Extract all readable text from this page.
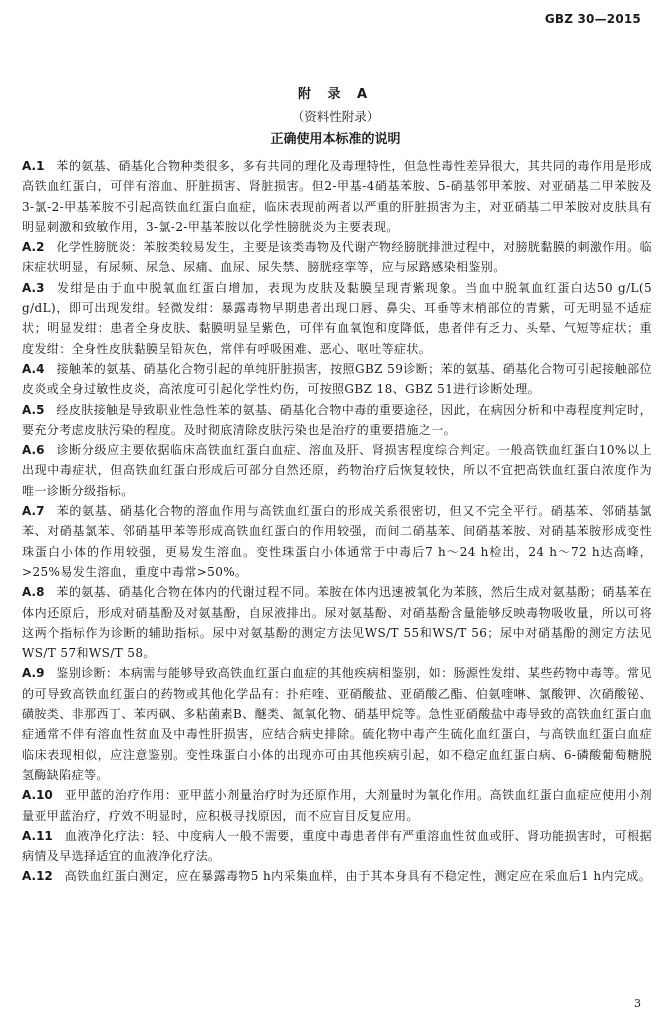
GBZ 30—2015
附 录 A
（资料性附录）
正确使用本标准的说明

A.1 苯的氨基、硝基化合物种类很多，多有共同的理化及毒理特性，但急性毒性差异很大，其共同的毒作用是形成高铁血红蛋白，可伴有溶血、肝脏损害、肾脏损害。但2-甲基-4硝基苯胺、5-硝基邻甲苯胺、对亚硝基二甲苯胺及3-氯-2-甲基苯胺不引起高铁血红蛋白血症，临床表现前两者以严重的肝脏损害为主，对亚硝基二甲苯胺对皮肤具有明显刺激和致敏作用，3-氯-2-甲基苯胺以化学性膀胱炎为主要表现。

A.2 化学性膀胱炎：苯胺类较易发生，主要是该类毒物及代谢产物经膀胱排泄过程中，对膀胱黏膜的刺激作用。临床症状明显，有尿频、尿急、尿痛、血尿、尿失禁、膀胱痉挛等，应与尿路感染相鉴别。

A.3 发绀是由于血中脱氧血红蛋白增加，表现为皮肤及黏膜呈现青紫现象。当血中脱氧血红蛋白达50 g/L(5 g/dL)，即可出现发绀。轻微发绀：暴露毒物早期患者出现口唇、鼻尖、耳垂等末梢部位的青紫，可无明显不适症状；明显发绀：患者全身皮肤、黏膜明显呈紫色，可伴有血氧饱和度降低，患者伴有乏力、头晕、气短等症状；重度发绀：全身性皮肤黏膜呈铅灰色，常伴有呼吸困难、恶心、呕吐等症状。

A.4 接触苯的氨基、硝基化合物引起的单纯肝脏损害，按照GBZ 59诊断；苯的氨基、硝基化合物可引起接触部位皮炎或全身过敏性皮炎，高浓度可引起化学性灼伤，可按照GBZ 18、GBZ 51进行诊断处理。

A.5 经皮肤接触是导致职业性急性苯的氨基、硝基化合物中毒的重要途径，因此，在病因分析和中毒程度判定时，要充分考虑皮肤污染的程度。及时彻底清除皮肤污染也是治疗的重要措施之一。

A.6 诊断分级应主要依据临床高铁血红蛋白血症、溶血及肝、肾损害程度综合判定。一般高铁血红蛋白10%以上出现中毒症状，但高铁血红蛋白形成后可部分自然还原，药物治疗后恢复较快，所以不宜把高铁血红蛋白浓度作为唯一诊断分级指标。

A.7 苯的氨基、硝基化合物的溶血作用与高铁血红蛋白的形成关系很密切，但又不完全平行。硝基苯、邻硝基氯苯、对硝基氯苯、邻硝基甲苯等形成高铁血红蛋白的作用较强，而间二硝基苯、间硝基苯胺、对硝基苯胺形成变性珠蛋白小体的作用较强，更易发生溶血。变性珠蛋白小体通常于中毒后7 h～24 h检出，24 h～72 h达高峰，>25%易发生溶血，重度中毒常>50%。

A.8 苯的氨基、硝基化合物在体内的代谢过程不同。苯胺在体内迅速被氧化为苯胲，然后生成对氨基酚；硝基苯在体内还原后，形成对硝基酚及对氨基酚，自尿液排出。尿对氨基酚、对硝基酚含量能够反映毒物吸收量，所以可将这两个指标作为诊断的辅助指标。尿中对氨基酚的测定方法见WS/T 55和WS/T 56；尿中对硝基酚的测定方法见WS/T 57和WS/T 58。

A.9 鉴别诊断：本病需与能够导致高铁血红蛋白血症的其他疾病相鉴别，如：肠源性发绀、某些药物中毒等。常见的可导致高铁血红蛋白的药物或其他化学品有：扑疟喹、亚硝酸盐、亚硝酸乙酯、伯氨喹啉、氯酸钾、次硝酸铋、磺胺类、非那西丁、苯丙砜、多粘菌素B、醚类、氮氧化物、硝基甲烷等。急性亚硝酸盐中毒导致的高铁血红蛋白血症通常不伴有溶血性贫血及中毒性肝损害，应结合病史排除。硫化物中毒产生硫化血红蛋白，与高铁血红蛋白血症临床表现相似，应注意鉴别。变性珠蛋白小体的出现亦可由其他疾病引起，如不稳定血红蛋白病、6-磷酸葡萄糖脱氢酶缺陷症等。

A.10 亚甲蓝的治疗作用：亚甲蓝小剂量治疗时为还原作用，大剂量时为氧化作用。高铁血红蛋白血症应使用小剂量亚甲蓝治疗，疗效不明显时，应积极寻找原因，而不应盲目反复应用。

A.11 血液净化疗法：轻、中度病人一般不需要，重度中毒患者伴有严重溶血性贫血或肝、肾功能损害时，可根据病情及早选择适宜的血液净化疗法。

A.12 高铁血红蛋白测定，应在暴露毒物5 h内采集血样，由于其本身具有不稳定性，测定应在采血后1 h内完成。

3
